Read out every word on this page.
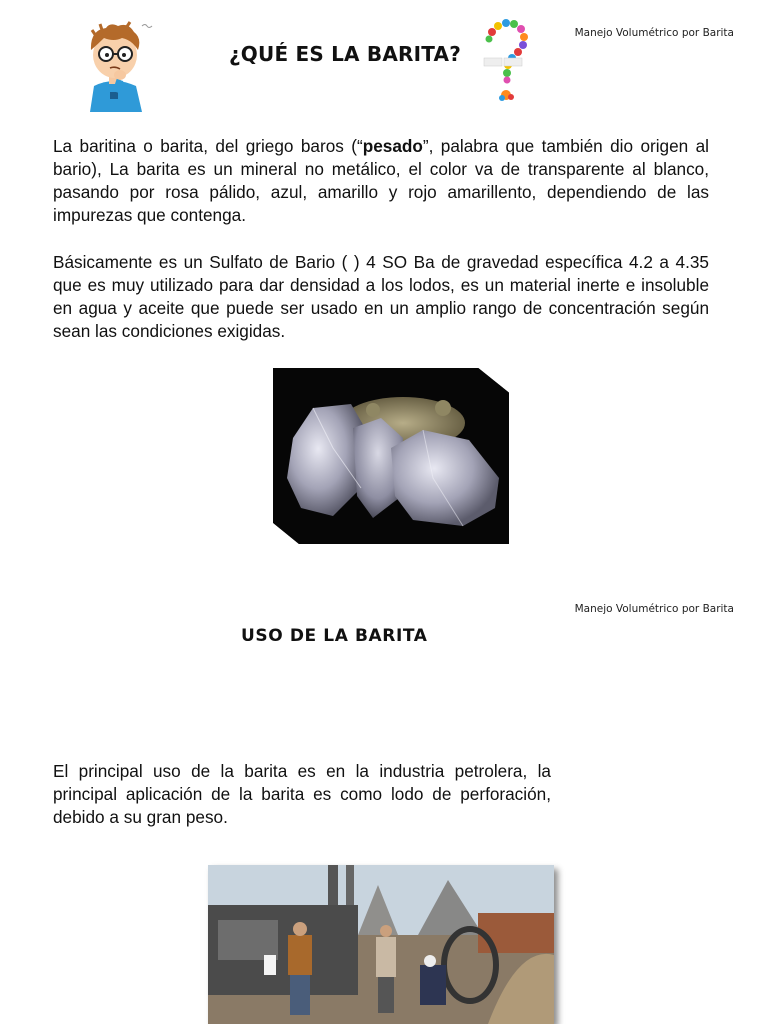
Manejo Volumétrico por Barita
¿QUÉ ES LA BARITA?

La baritina o barita, del griego baros (“pesado”, palabra que también dio origen al bario), La barita es un mineral no metálico, el color va de transparente al blanco, pasando por rosa pálido, azul, amarillo y rojo amarillento, dependiendo de las impurezas que contenga.

Básicamente es un Sulfato de Bario ( ) 4 SO Ba de gravedad específica 4.2 a 4.35 que es muy utilizado para dar densidad a los lodos, es un material inerte e insoluble en agua y aceite que puede ser usado en un amplio rango de concentración según sean las condiciones exigidas.

Manejo Volumétrico por Barita
USO DE LA BARITA

El principal uso de la barita es en la industria petrolera, la principal aplicación de la barita es como lodo de perforación, debido a su gran peso.
